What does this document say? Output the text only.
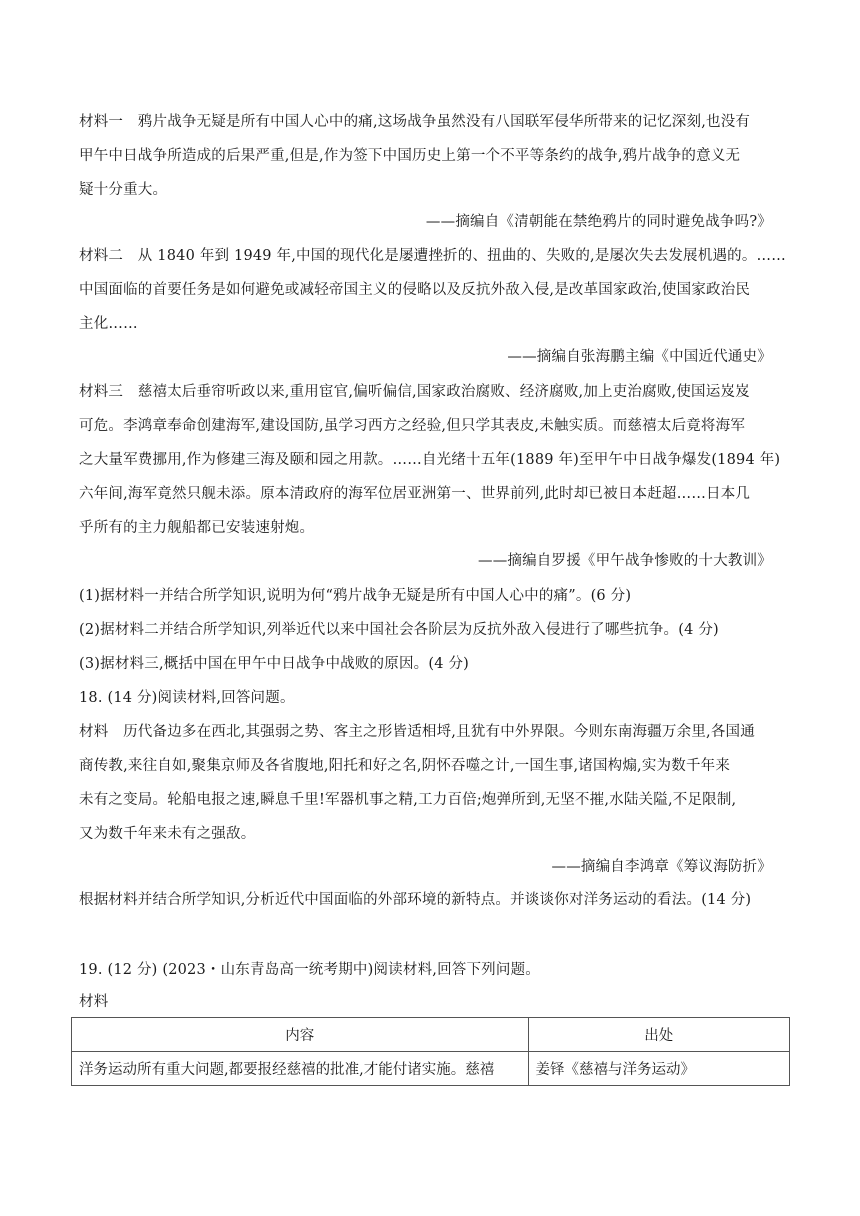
材料一　鸦片战争无疑是所有中国人心中的痛,这场战争虽然没有八国联军侵华所带来的记忆深刻,也没有
甲午中日战争所造成的后果严重,但是,作为签下中国历史上第一个不平等条约的战争,鸦片战争的意义无
疑十分重大。
——摘编自《清朝能在禁绝鸦片的同时避免战争吗?》
材料二　从 1840 年到 1949 年,中国的现代化是屡遭挫折的、扭曲的、失败的,是屡次失去发展机遇的。……
中国面临的首要任务是如何避免或减轻帝国主义的侵略以及反抗外敌入侵,是改革国家政治,使国家政治民
主化……
——摘编自张海鹏主编《中国近代通史》
材料三　慈禧太后垂帘听政以来,重用宦官,偏听偏信,国家政治腐败、经济腐败,加上吏治腐败,使国运岌岌
可危。李鸿章奉命创建海军,建设国防,虽学习西方之经验,但只学其表皮,未触实质。而慈禧太后竟将海军
之大量军费挪用,作为修建三海及颐和园之用款。……自光绪十五年(1889 年)至甲午中日战争爆发(1894 年)
六年间,海军竟然只舰未添。原本清政府的海军位居亚洲第一、世界前列,此时却已被日本赶超……日本几
乎所有的主力舰船都已安装速射炮。
——摘编自罗援《甲午战争惨败的十大教训》
(1)据材料一并结合所学知识,说明为何“鸦片战争无疑是所有中国人心中的痛”。(6 分)
(2)据材料二并结合所学知识,列举近代以来中国社会各阶层为反抗外敌入侵进行了哪些抗争。(4 分)
(3)据材料三,概括中国在甲午中日战争中战败的原因。(4 分)
18. (14 分)阅读材料,回答问题。
材料　历代备边多在西北,其强弱之势、客主之形皆适相埒,且犹有中外界限。今则东南海疆万余里,各国通
商传教,来往自如,聚集京师及各省腹地,阳托和好之名,阴怀吞噬之计,一国生事,诸国构煽,实为数千年来
未有之变局。轮船电报之速,瞬息千里!军器机事之精,工力百倍;炮弹所到,无坚不摧,水陆关隘,不足限制,
又为数千年来未有之强敌。
——摘编自李鸿章《筹议海防折》
根据材料并结合所学知识,分析近代中国面临的外部环境的新特点。并谈谈你对洋务运动的看法。(14 分)
19. (12 分) (2023・山东青岛高一统考期中)阅读材料,回答下列问题。
材料
内容	出处
洋务运动所有重大问题,都要报经慈禧的批准,才能付诸实施。慈禧	姜铎《慈禧与洋务运动》
